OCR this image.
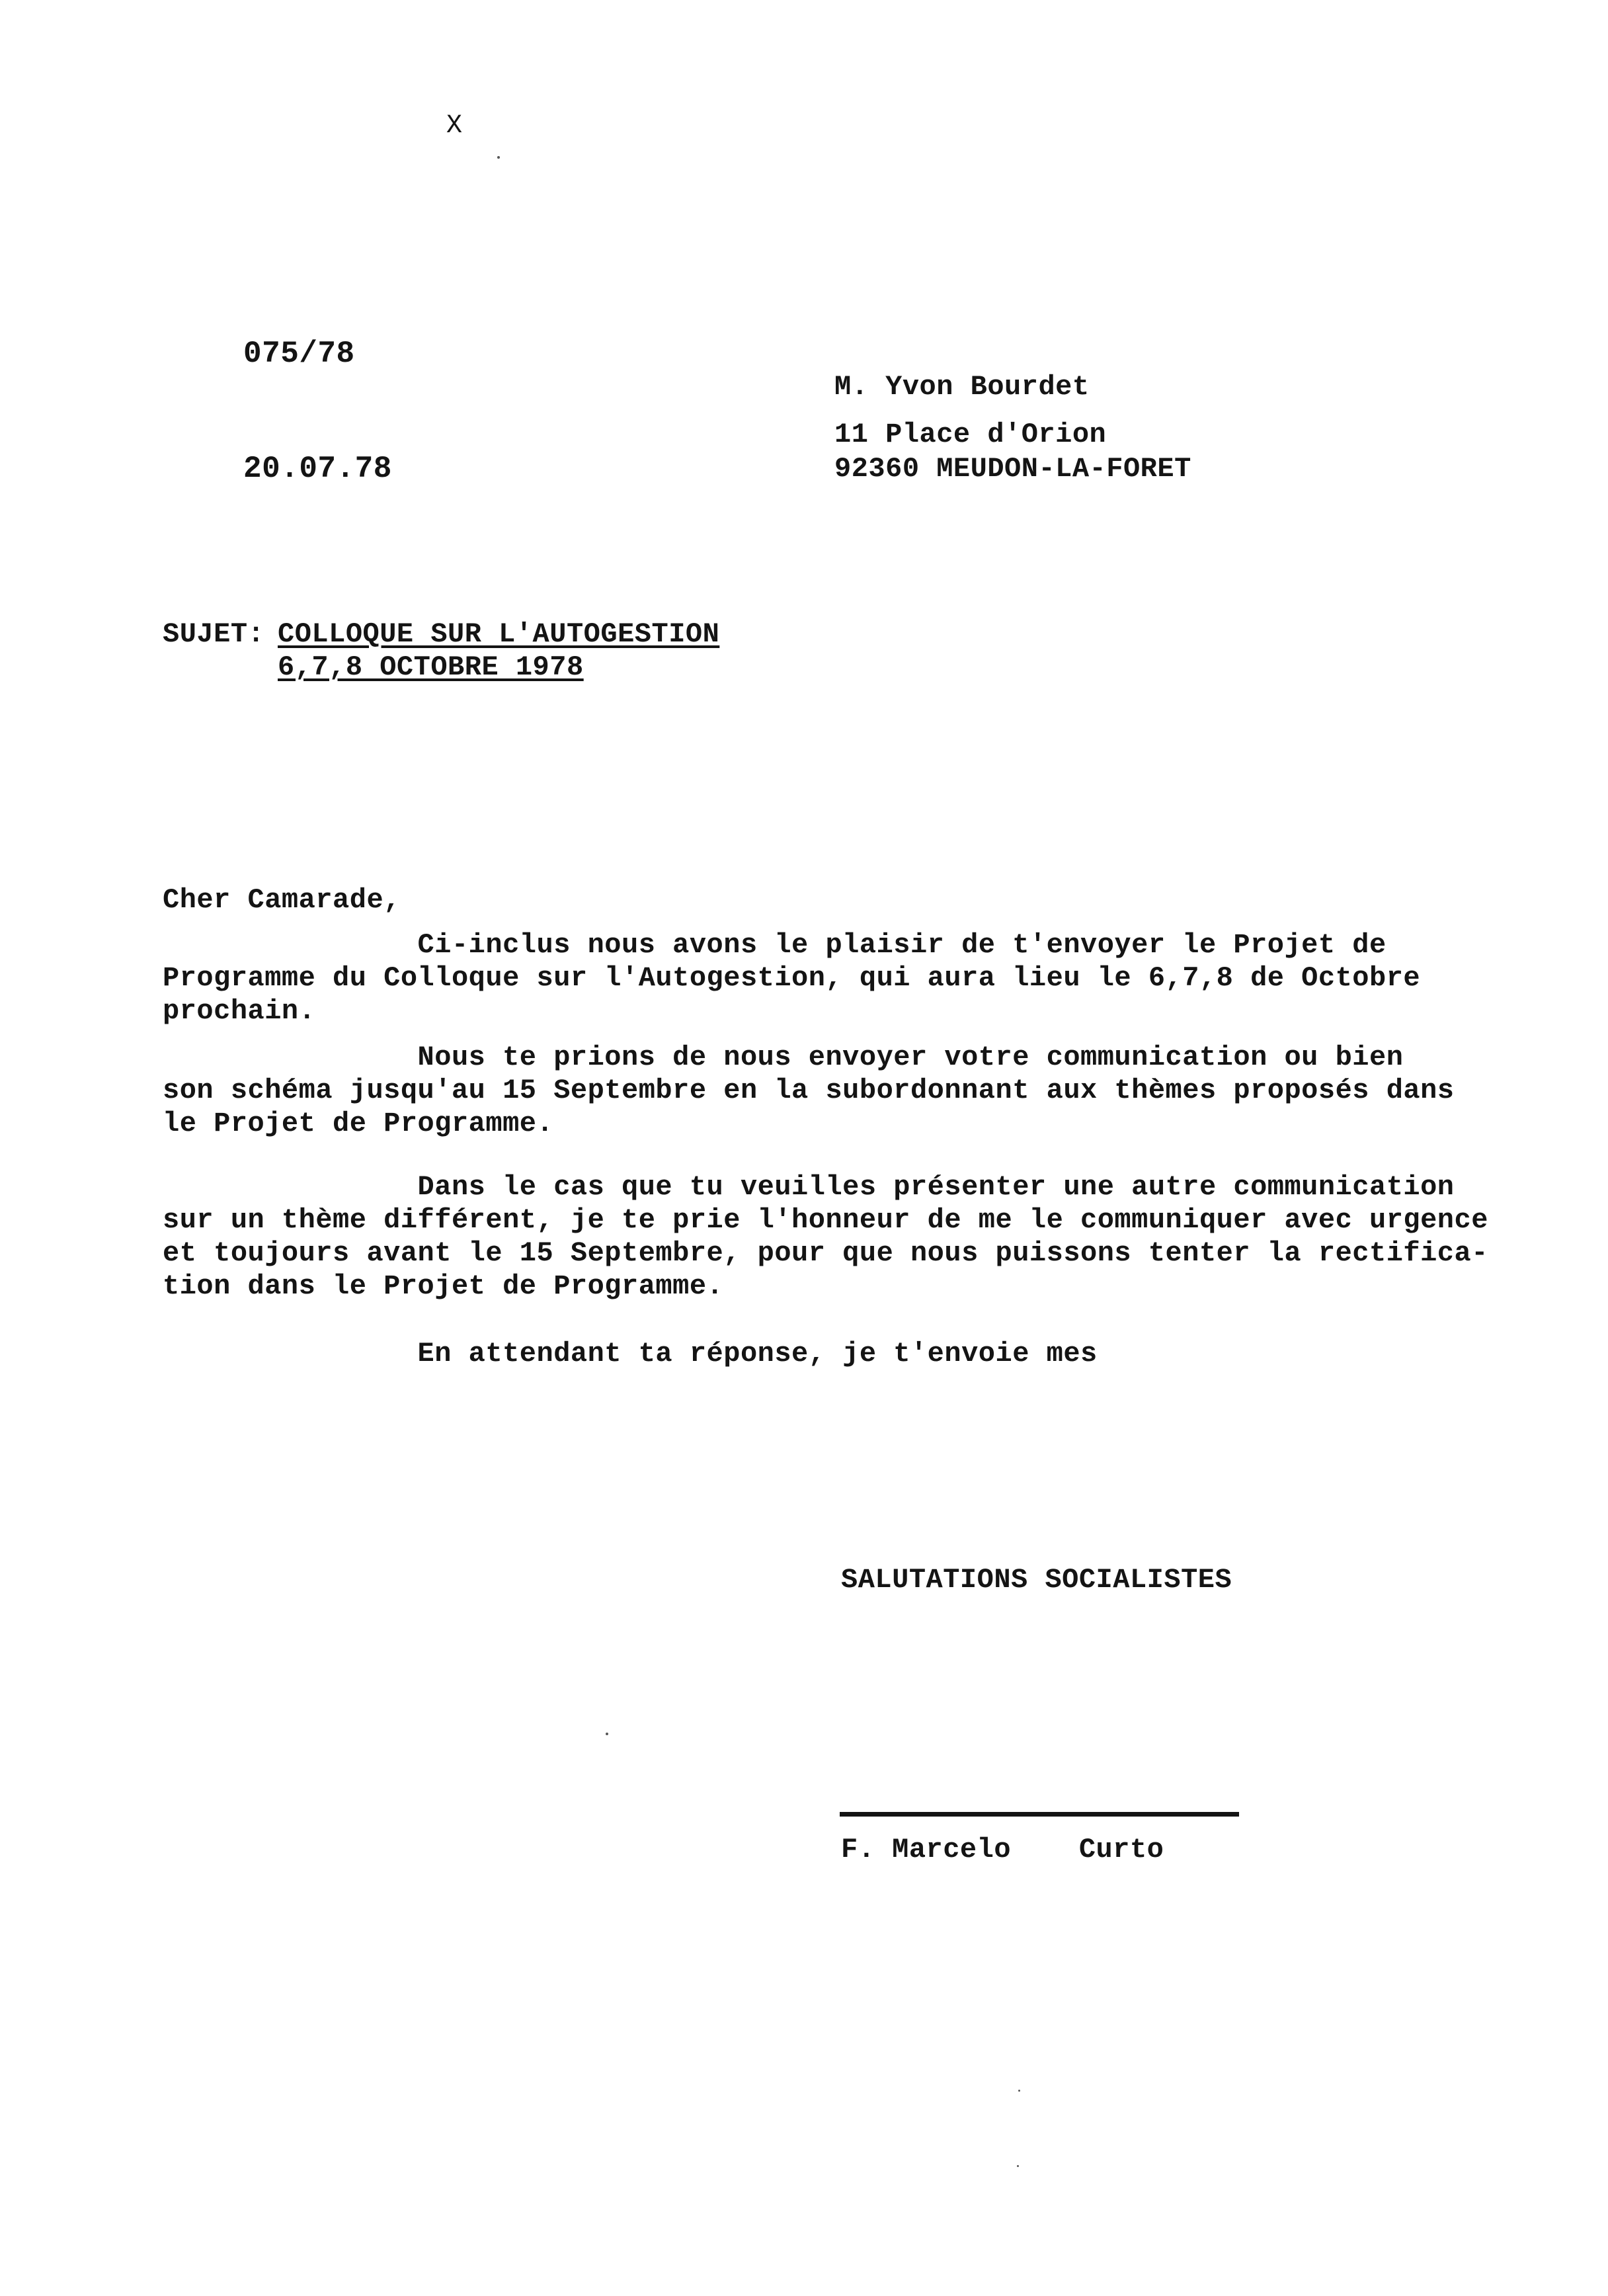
X
075/78
20.07.78
M. Yvon Bourdet
11 Place d'Orion
92360 MEUDON-LA-FORET
SUJET: COLLOQUE SUR L'AUTOGESTION
6,7,8 OCTOBRE 1978
Cher Camarade,
Ci-inclus nous avons le plaisir de t'envoyer le Projet de
Programme du Colloque sur l'Autogestion, qui aura lieu le 6,7,8 de Octobre
prochain.
Nous te prions de nous envoyer votre communication ou bien
son schéma jusqu'au 15 Septembre en la subordonnant aux thèmes proposés dans
le Projet de Programme.
Dans le cas que tu veuilles présenter une autre communication
sur un thème différent, je te prie l'honneur de me le communiquer avec urgence
et toujours avant le 15 Septembre, pour que nous puissons tenter la rectifica-
tion dans le Projet de Programme.
En attendant ta réponse, je t'envoie mes
SALUTATIONS SOCIALISTES
F. Marcelo    Curto
